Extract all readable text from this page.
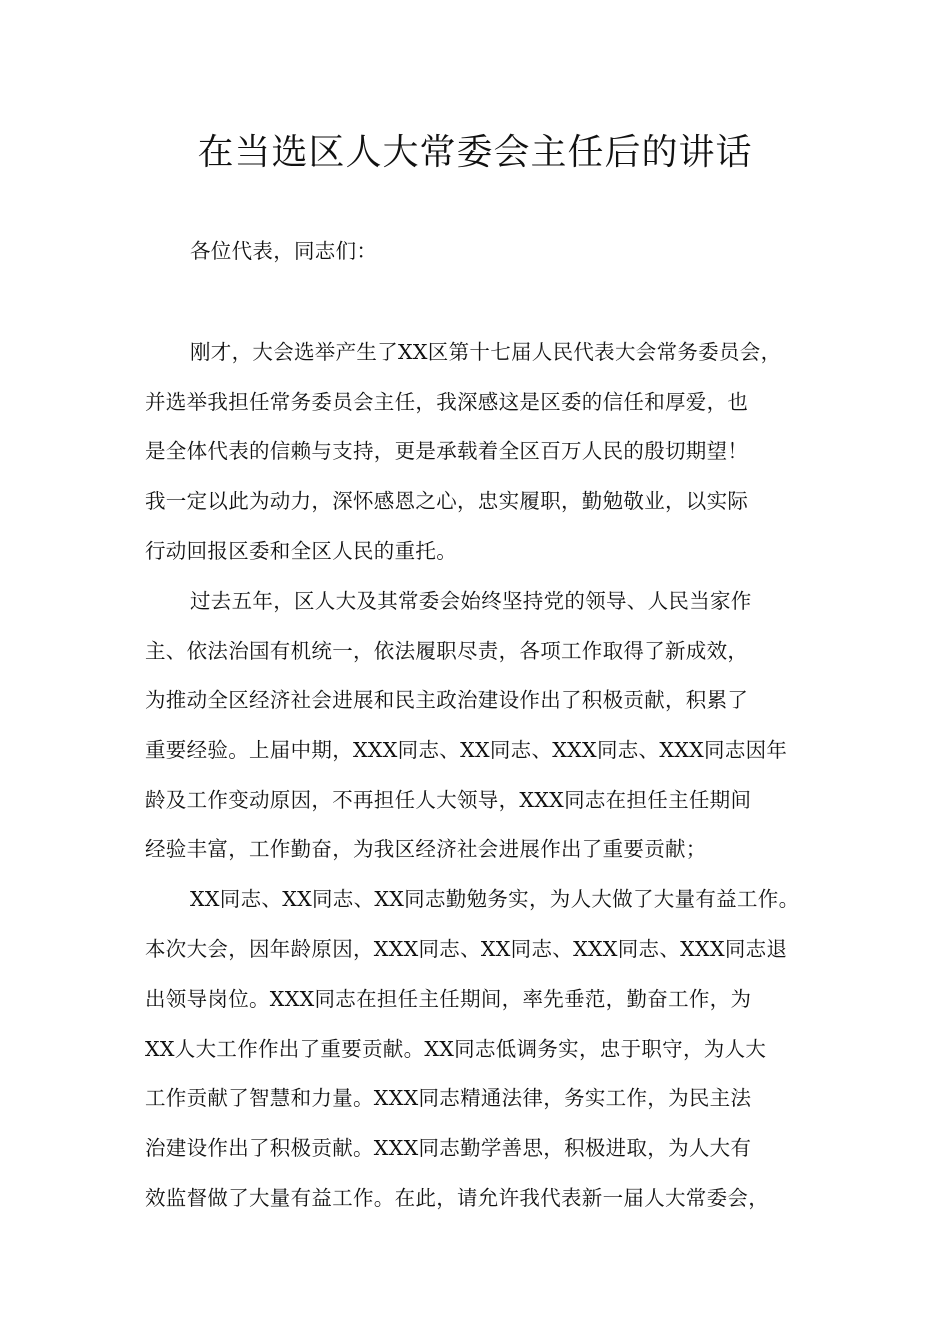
在当选区人大常委会主任后的讲话
各位代表，同志们：
刚才，大会选举产生了XX区第十七届人民代表大会常务委员会，
并选举我担任常务委员会主任，我深感这是区委的信任和厚爱，也
是全体代表的信赖与支持，更是承载着全区百万人民的殷切期望！
我一定以此为动力，深怀感恩之心，忠实履职，勤勉敬业，以实际
行动回报区委和全区人民的重托。
过去五年，区人大及其常委会始终坚持党的领导、人民当家作
主、依法治国有机统一，依法履职尽责，各项工作取得了新成效，
为推动全区经济社会进展和民主政治建设作出了积极贡献，积累了
重要经验。上届中期，XXX同志、XX同志、XXX同志、XXX同志因年
龄及工作变动原因，不再担任人大领导，XXX同志在担任主任期间
经验丰富，工作勤奋，为我区经济社会进展作出了重要贡献；
XX同志、XX同志、XX同志勤勉务实，为人大做了大量有益工作。
本次大会，因年龄原因，XXX同志、XX同志、XXX同志、XXX同志退
出领导岗位。XXX同志在担任主任期间，率先垂范，勤奋工作，为
XX人大工作作出了重要贡献。XX同志低调务实，忠于职守，为人大
工作贡献了智慧和力量。XXX同志精通法律，务实工作，为民主法
治建设作出了积极贡献。XXX同志勤学善思，积极进取，为人大有
效监督做了大量有益工作。在此，请允许我代表新一届人大常委会，
